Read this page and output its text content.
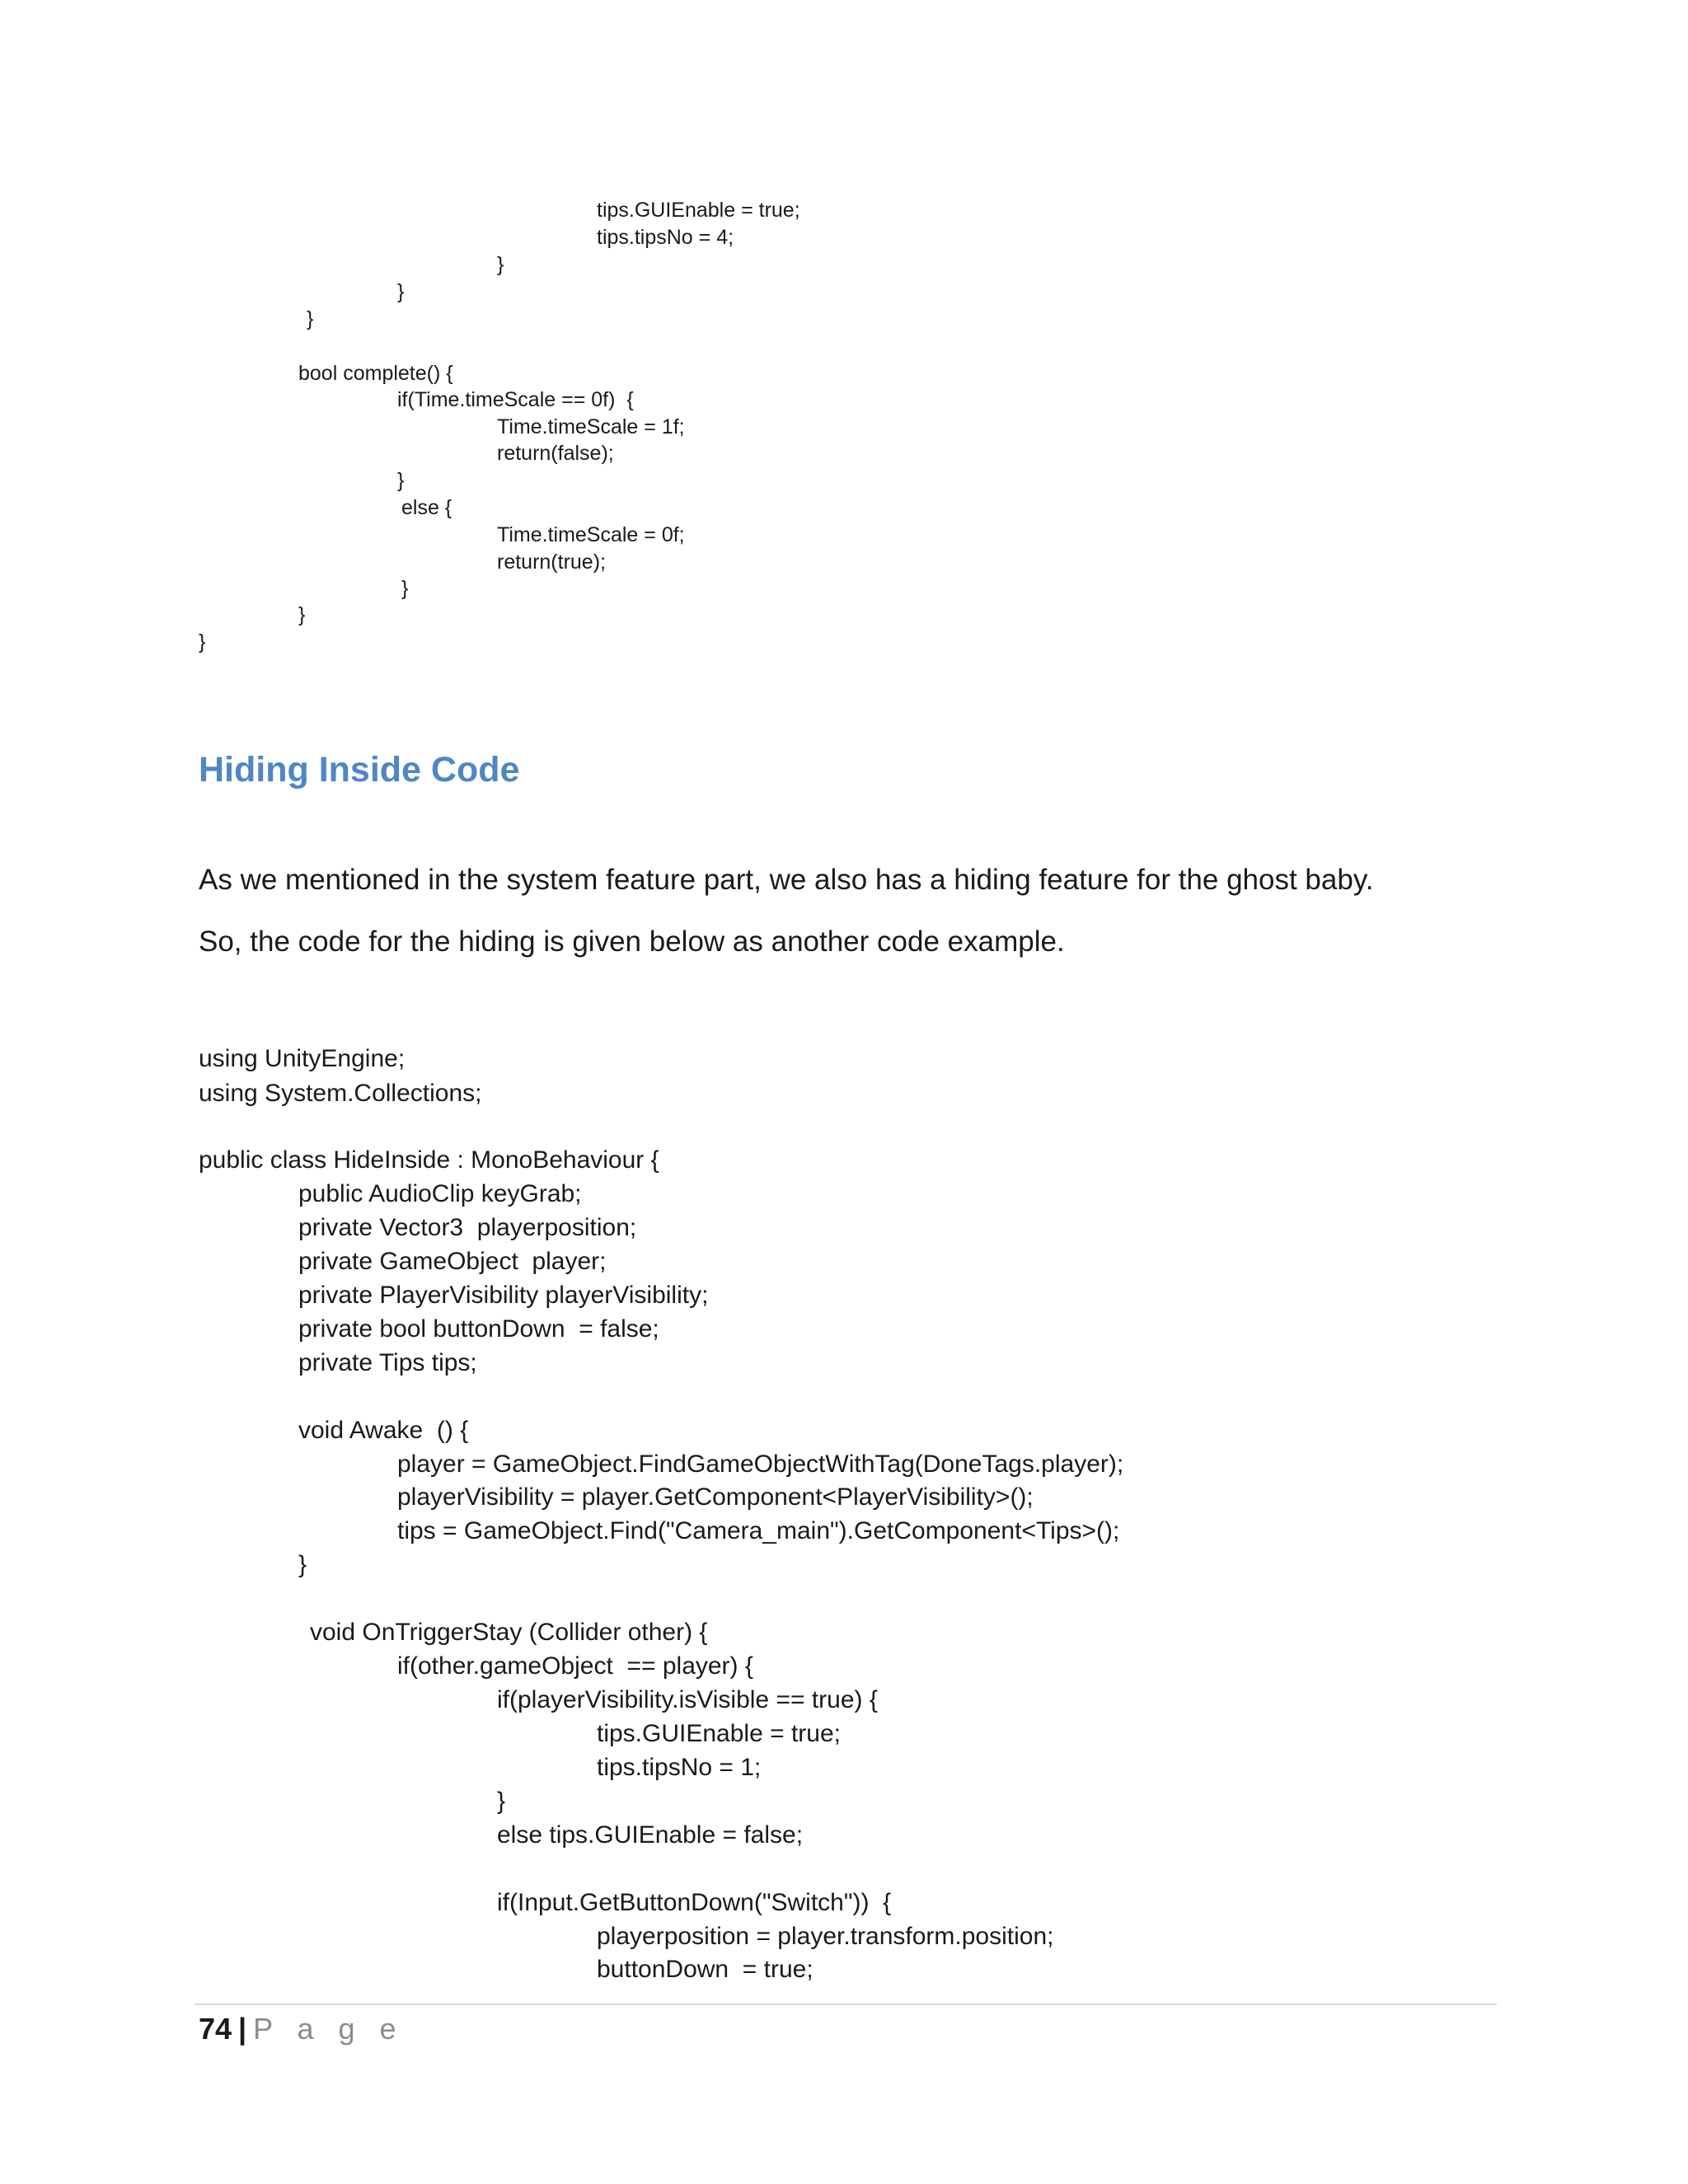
tips.GUIEnable = true;
tips.tipsNo = 4;
}
}
}
bool complete() {
if(Time.timeScale == 0f)  {
Time.timeScale = 1f;
return(false);
}
else {
Time.timeScale = 0f;
return(true);
}
}
}
Hiding Inside Code
As we mentioned in the system feature part, we also has a hiding feature for the ghost baby.
So, the code for the hiding is given below as another code example.
using UnityEngine;
using System.Collections;
public class HideInside : MonoBehaviour {
public AudioClip keyGrab;
private Vector3  playerposition;
private GameObject  player;
private PlayerVisibility playerVisibility;
private bool buttonDown  = false;
private Tips tips;
void Awake  () {
player = GameObject.FindGameObjectWithTag(DoneTags.player);
playerVisibility = player.GetComponent<PlayerVisibility>();
tips = GameObject.Find("Camera_main").GetComponent<Tips>();
}
void OnTriggerStay (Collider other) {
if(other.gameObject  == player) {
if(playerVisibility.isVisible == true) {
tips.GUIEnable = true;
tips.tipsNo = 1;
}
else tips.GUIEnable = false;
if(Input.GetButtonDown("Switch"))  {
playerposition = player.transform.position;
buttonDown  = true;
74 | P a g e
